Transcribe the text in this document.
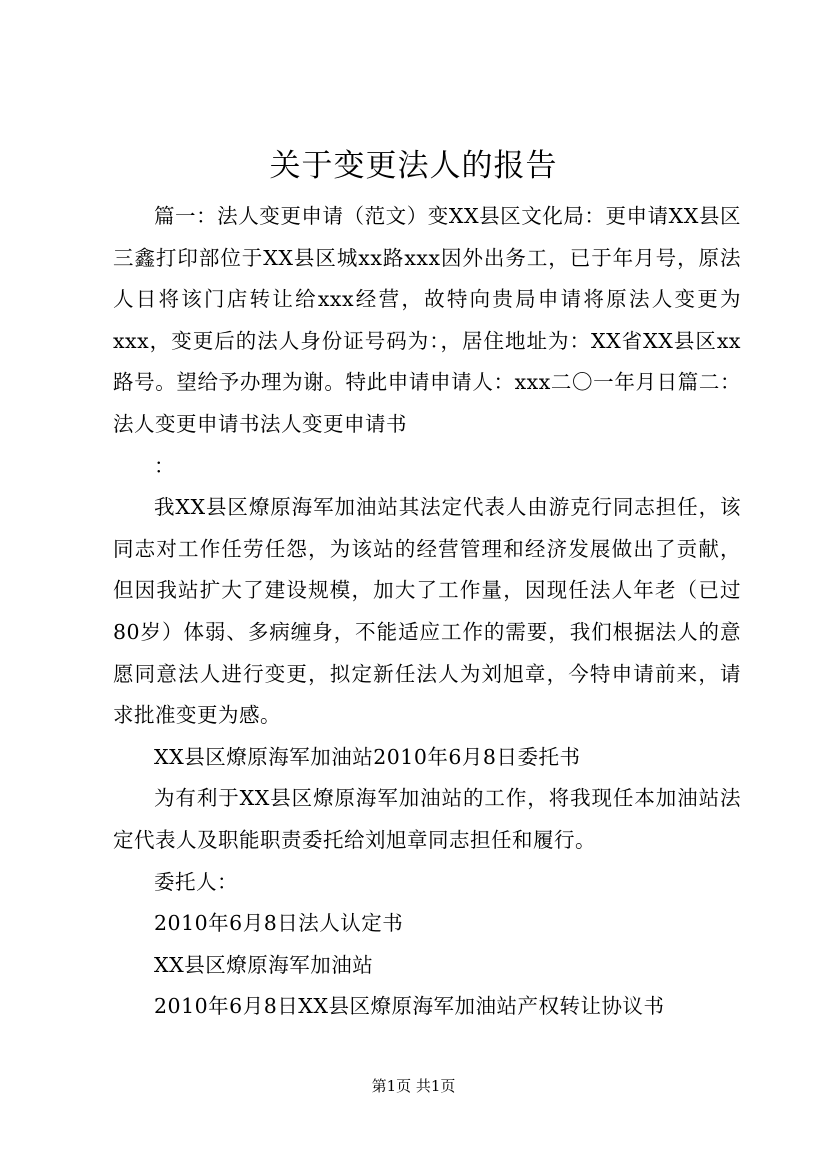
关于变更法人的报告

篇一：法人变更申请（范文）变XX县区文化局：更申请XX县区三鑫打印部位于XX县区城xx路xxx因外出务工，已于年月号，原法人日将该门店转让给xxx经营，故特向贵局申请将原法人变更为xxx，变更后的法人身份证号码为：，居住地址为：XX省XX县区xx路号。望给予办理为谢。特此申请申请人：xxx二〇一年月日篇二：法人变更申请书法人变更申请书

：

我XX县区燎原海军加油站其法定代表人由游克行同志担任，该同志对工作任劳任怨，为该站的经营管理和经济发展做出了贡献，但因我站扩大了建设规模，加大了工作量，因现任法人年老（已过80岁）体弱、多病缠身，不能适应工作的需要，我们根据法人的意愿同意法人进行变更，拟定新任法人为刘旭章，今特申请前来，请求批准变更为感。

XX县区燎原海军加油站2010年6月8日委托书

为有利于XX县区燎原海军加油站的工作，将我现任本加油站法定代表人及职能职责委托给刘旭章同志担任和履行。

委托人：

2010年6月8日法人认定书

XX县区燎原海军加油站

2010年6月8日XX县区燎原海军加油站产权转让协议书

第1页 共1页
